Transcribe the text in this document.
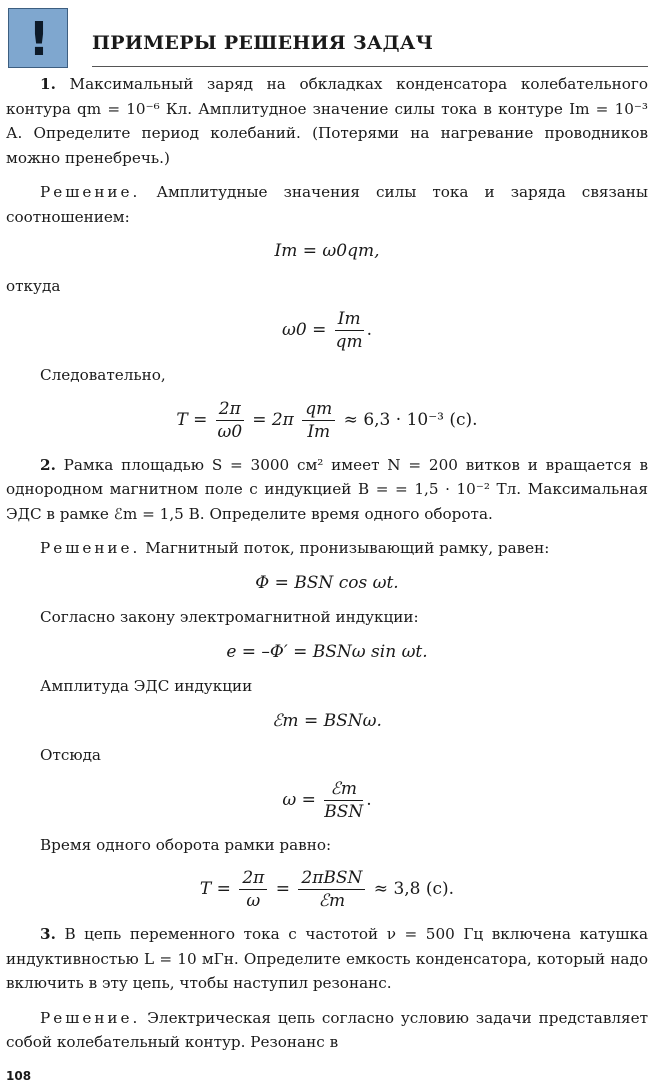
!	ПРИМЕРЫ РЕШЕНИЯ ЗАДАЧ

1. Максимальный заряд на обкладках конденсатора колебательного контура qm = 10⁻⁶ Кл. Амплитудное значение силы тока в контуре Im = 10⁻³ А. Определите период колебаний. (Потерями на нагревание проводников можно пренебречь.)

Решение. Амплитудные значения силы тока и заряда связаны соотношением:

Im = ω0qm,

откуда

$\omega 0 = \frac{Im}{qm}$ .

Следовательно,

$T = \frac{2\pi}{\omega 0} = 2\pi \frac{qm}{Im} \approx 6,3 \cdot 10^{-3}$ (с).

2. Рамка площадью S = 3000 см² имеет N = 200 витков и вращается в однородном магнитном поле с индукцией B = = 1,5 · 10⁻² Тл. Максимальная ЭДС в рамке ℰm = 1,5 В. Определите время одного оборота.

Решение. Магнитный поток, пронизывающий рамку, равен:

Φ = BSN cos ωt.

Согласно закону электромагнитной индукции:

e = –Φ′ = BSNω sin ωt.

Амплитуда ЭДС индукции

ℰm = BSNω.

Отсюда

$\omega = \frac{\text{ℰm}}{\text{BSN}}$ .

Время одного оборота рамки равно:

$T = \frac{2\pi}{\omega} = \frac{\text{2πBSN}}{\text{ℰm}} \approx 3,8$ (с).

3. В цепь переменного тока с частотой ν = 500 Гц включена катушка индуктивностью L = 10 мГн. Определите емкость конденсатора, который надо включить в эту цепь, чтобы наступил резонанс.

Решение. Электрическая цепь согласно условию задачи представляет собой колебательный контур. Резонанс в

108
